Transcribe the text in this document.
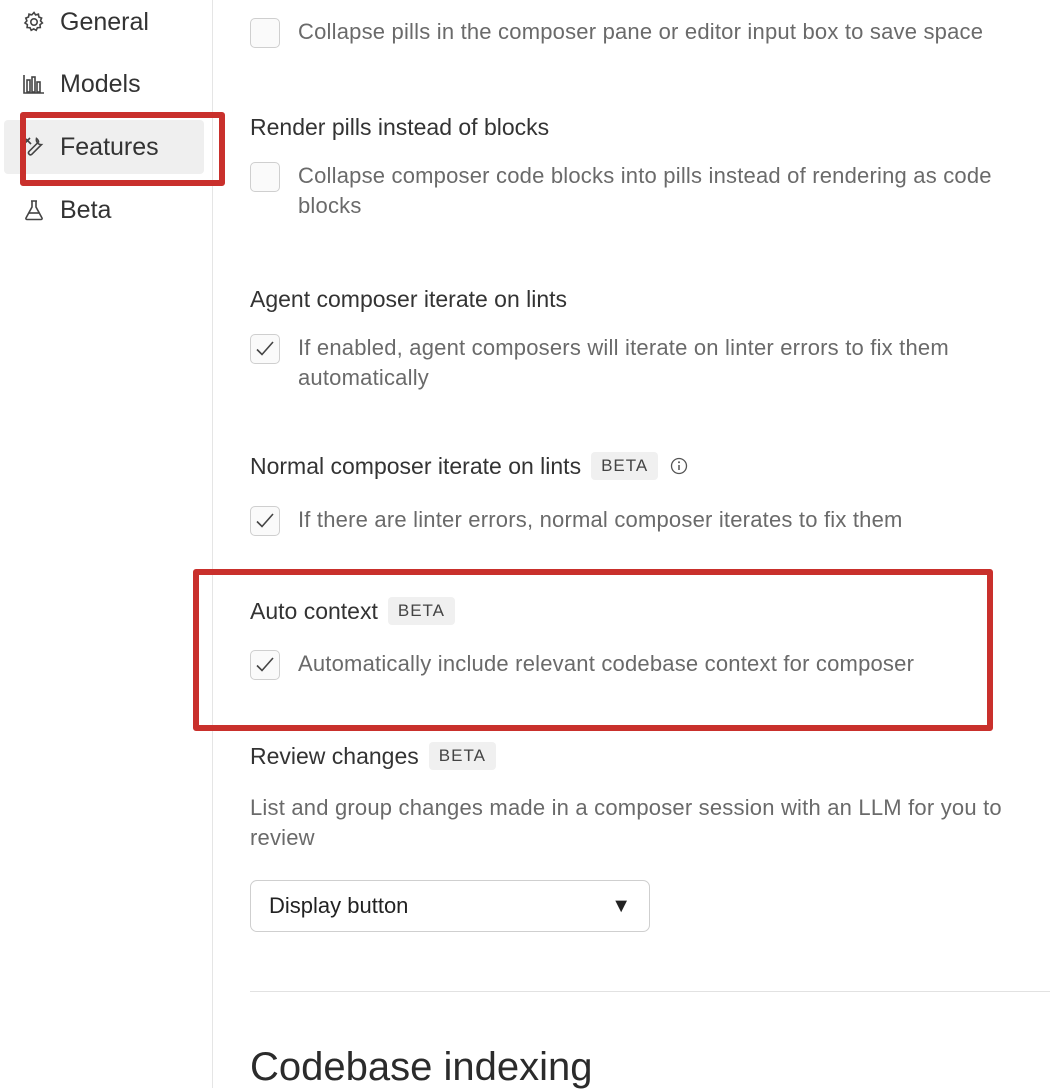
General
Models
Features
Beta
Collapse pills in the composer pane or editor input box to save space
Render pills instead of blocks
Collapse composer code blocks into pills instead of rendering as code blocks
Agent composer iterate on lints
If enabled, agent composers will iterate on linter errors to fix them automatically
Normal composer iterate on lints	BETA
If there are linter errors, normal composer iterates to fix them
Auto context	BETA
Automatically include relevant codebase context for composer
Review changes	BETA
List and group changes made in a composer session with an LLM for you to review
Display button	▼
Codebase indexing
